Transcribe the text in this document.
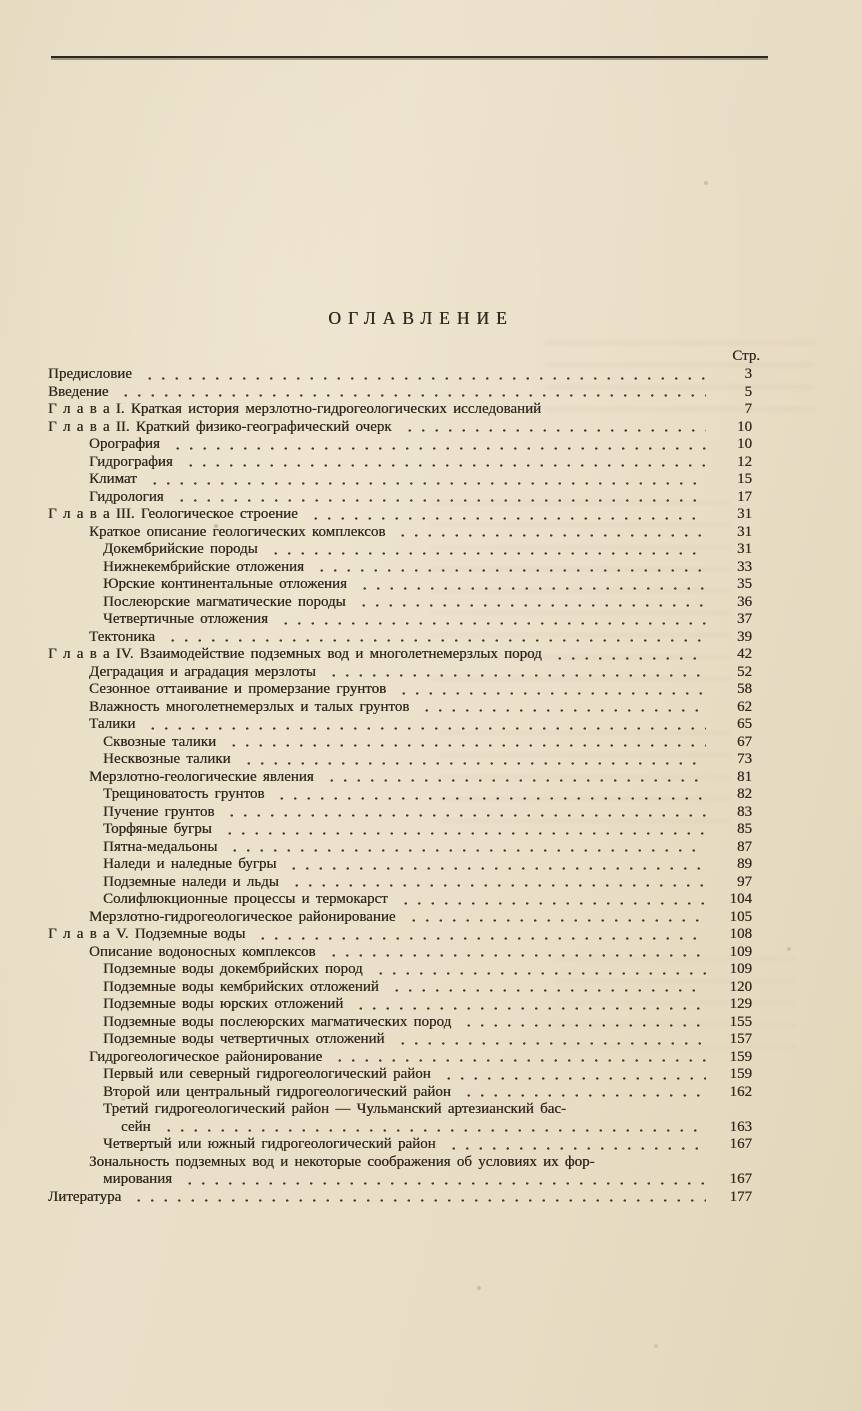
ОГЛАВЛЕНИЕ
Стр.
Предисловие	3
Введение	5
Г л а в а I. Краткая история мерзлотно-гидрогеологических исследований	7
Г л а в а II. Краткий физико-географический очерк	10
Орография	10
Гидрография	12
Климат	15
Гидрология	17
Г л а в а III. Геологическое строение	31
Краткое описание геологических комплексов	31
Докембрийские породы	31
Нижнекембрийские отложения	33
Юрские континентальные отложения	35
Послеюрские магматические породы	36
Четвертичные отложения	37
Тектоника	39
Г л а в а IV. Взаимодействие подземных вод и многолетнемерзлых пород	42
Деградация и аградация мерзлоты	52
Сезонное оттаивание и промерзание грунтов	58
Влажность многолетнемерзлых и талых грунтов	62
Талики	65
Сквозные талики	67
Несквозные талики	73
Мерзлотно-геологические явления	81
Трещиноватость грунтов	82
Пучение грунтов	83
Торфяные бугры	85
Пятна-медальоны	87
Наледи и наледные бугры	89
Подземные наледи и льды	97
Солифлюкционные процессы и термокарст	104
Мерзлотно-гидрогеологическое районирование	105
Г л а в а V. Подземные воды	108
Описание водоносных комплексов	109
Подземные воды докембрийских пород	109
Подземные воды кембрийских отложений	120
Подземные воды юрских отложений	129
Подземные воды послеюрских магматических пород	155
Подземные воды четвертичных отложений	157
Гидрогеологическое районирование	159
Первый или северный гидрогеологический район	159
Второй или центральный гидрогеологический район	162
Третий гидрогеологический район — Чульманский артезианский бас-
сейн	163
Четвертый или южный гидрогеологический район	167
Зональность подземных вод и некоторые соображения об условиях их фор-
мирования	167
Литература	177
